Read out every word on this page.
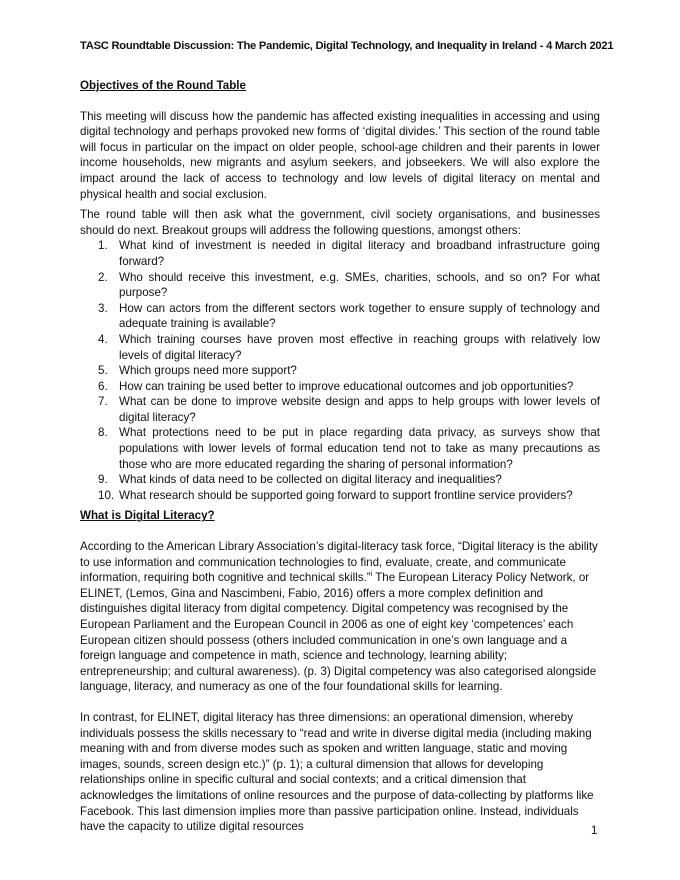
TASC Roundtable Discussion: The Pandemic, Digital Technology, and Inequality in Ireland - 4 March 2021

Objectives of the Round Table

This meeting will discuss how the pandemic has affected existing inequalities in accessing and using digital technology and perhaps provoked new forms of ‘digital divides.’ This section of the round table will focus in particular on the impact on older people, school-age children and their parents in lower income households, new migrants and asylum seekers, and jobseekers. We will also explore the impact around the lack of access to technology and low levels of digital literacy on mental and physical health and social exclusion.

The round table will then ask what the government, civil society organisations, and businesses should do next. Breakout groups will address the following questions, amongst others:

1. What kind of investment is needed in digital literacy and broadband infrastructure going forward?
2. Who should receive this investment, e.g. SMEs, charities, schools, and so on? For what purpose?
3. How can actors from the different sectors work together to ensure supply of technology and adequate training is available?
4. Which training courses have proven most effective in reaching groups with relatively low levels of digital literacy?
5. Which groups need more support?
6. How can training be used better to improve educational outcomes and job opportunities?
7. What can be done to improve website design and apps to help groups with lower levels of digital literacy?
8. What protections need to be put in place regarding data privacy, as surveys show that populations with lower levels of formal education tend not to take as many precautions as those who are more educated regarding the sharing of personal information?
9. What kinds of data need to be collected on digital literacy and inequalities?
10. What research should be supported going forward to support frontline service providers?

What is Digital Literacy?

According to the American Library Association’s digital-literacy task force, “Digital literacy is the ability to use information and communication technologies to find, evaluate, create, and communicate information, requiring both cognitive and technical skills.”$^i$ The European Literacy Policy Network, or ELINET, (Lemos, Gina and Nascimbeni, Fabio, 2016) offers a more complex definition and distinguishes digital literacy from digital competency. Digital competency was recognised by the European Parliament and the European Council in 2006 as one of eight key ‘competences’ each European citizen should possess (others included communication in one’s own language and a foreign language and competence in math, science and technology, learning ability; entrepreneurship; and cultural awareness). (p. 3) Digital competency was also categorised alongside language, literacy, and numeracy as one of the four foundational skills for learning.

In contrast, for ELINET, digital literacy has three dimensions: an operational dimension, whereby individuals possess the skills necessary to “read and write in diverse digital media (including making meaning with and from diverse modes such as spoken and written language, static and moving images, sounds, screen design etc.)” (p. 1); a cultural dimension that allows for developing relationships online in specific cultural and social contexts; and a critical dimension that acknowledges the limitations of online resources and the purpose of data-collecting by platforms like Facebook. This last dimension implies more than passive participation online. Instead, individuals have the capacity to utilize digital resources	1
